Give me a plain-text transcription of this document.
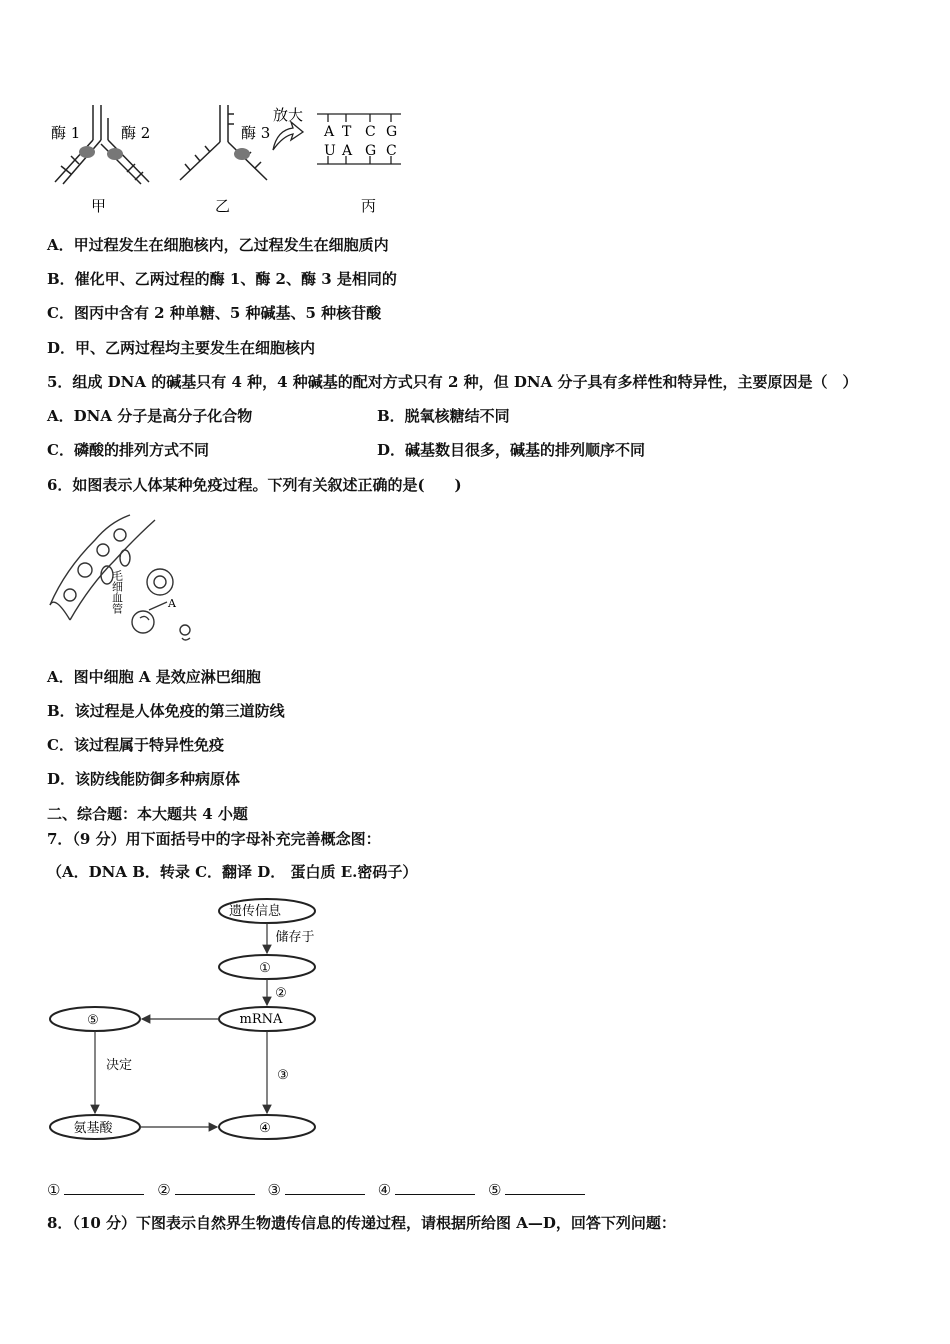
酶 1	酶 2
甲
酶 3
乙
放大
A T C G
U A G C
丙
A．甲过程发生在细胞核内，乙过程发生在细胞质内
B．催化甲、乙两过程的酶 1、酶 2、酶 3 是相同的
C．图丙中含有 2 种单糖、5 种碱基、5 种核苷酸
D．甲、乙两过程均主要发生在细胞核内
5．组成 DNA 的碱基只有 4 种，4 种碱基的配对方式只有 2 种，但 DNA 分子具有多样性和特异性，主要原因是（　）
A．DNA 分子是高分子化合物	B．脱氧核糖结不同
C．磷酸的排列方式不同	D．碱基数目很多，碱基的排列顺序不同
6．如图表示人体某种免疫过程。下列有关叙述正确的是(　　)
毛细血管	A
A．图中细胞 A 是效应淋巴细胞
B．该过程是人体免疫的第三道防线
C．该过程属于特异性免疫
D．该防线能防御多种病原体
二、综合题：本大题共 4 小题
7．（9 分）用下面括号中的字母补充完善概念图：
（A．DNA B．转录 C．翻译 D． 蛋白质 E.密码子）
遗传信息
储存于
①
②
mRNA
⑤
决定
③
氨基酸	④
①	②	③	④	⑤
8．（10 分）下图表示自然界生物遗传信息的传递过程，请根据所给图 A—D，回答下列问题：
